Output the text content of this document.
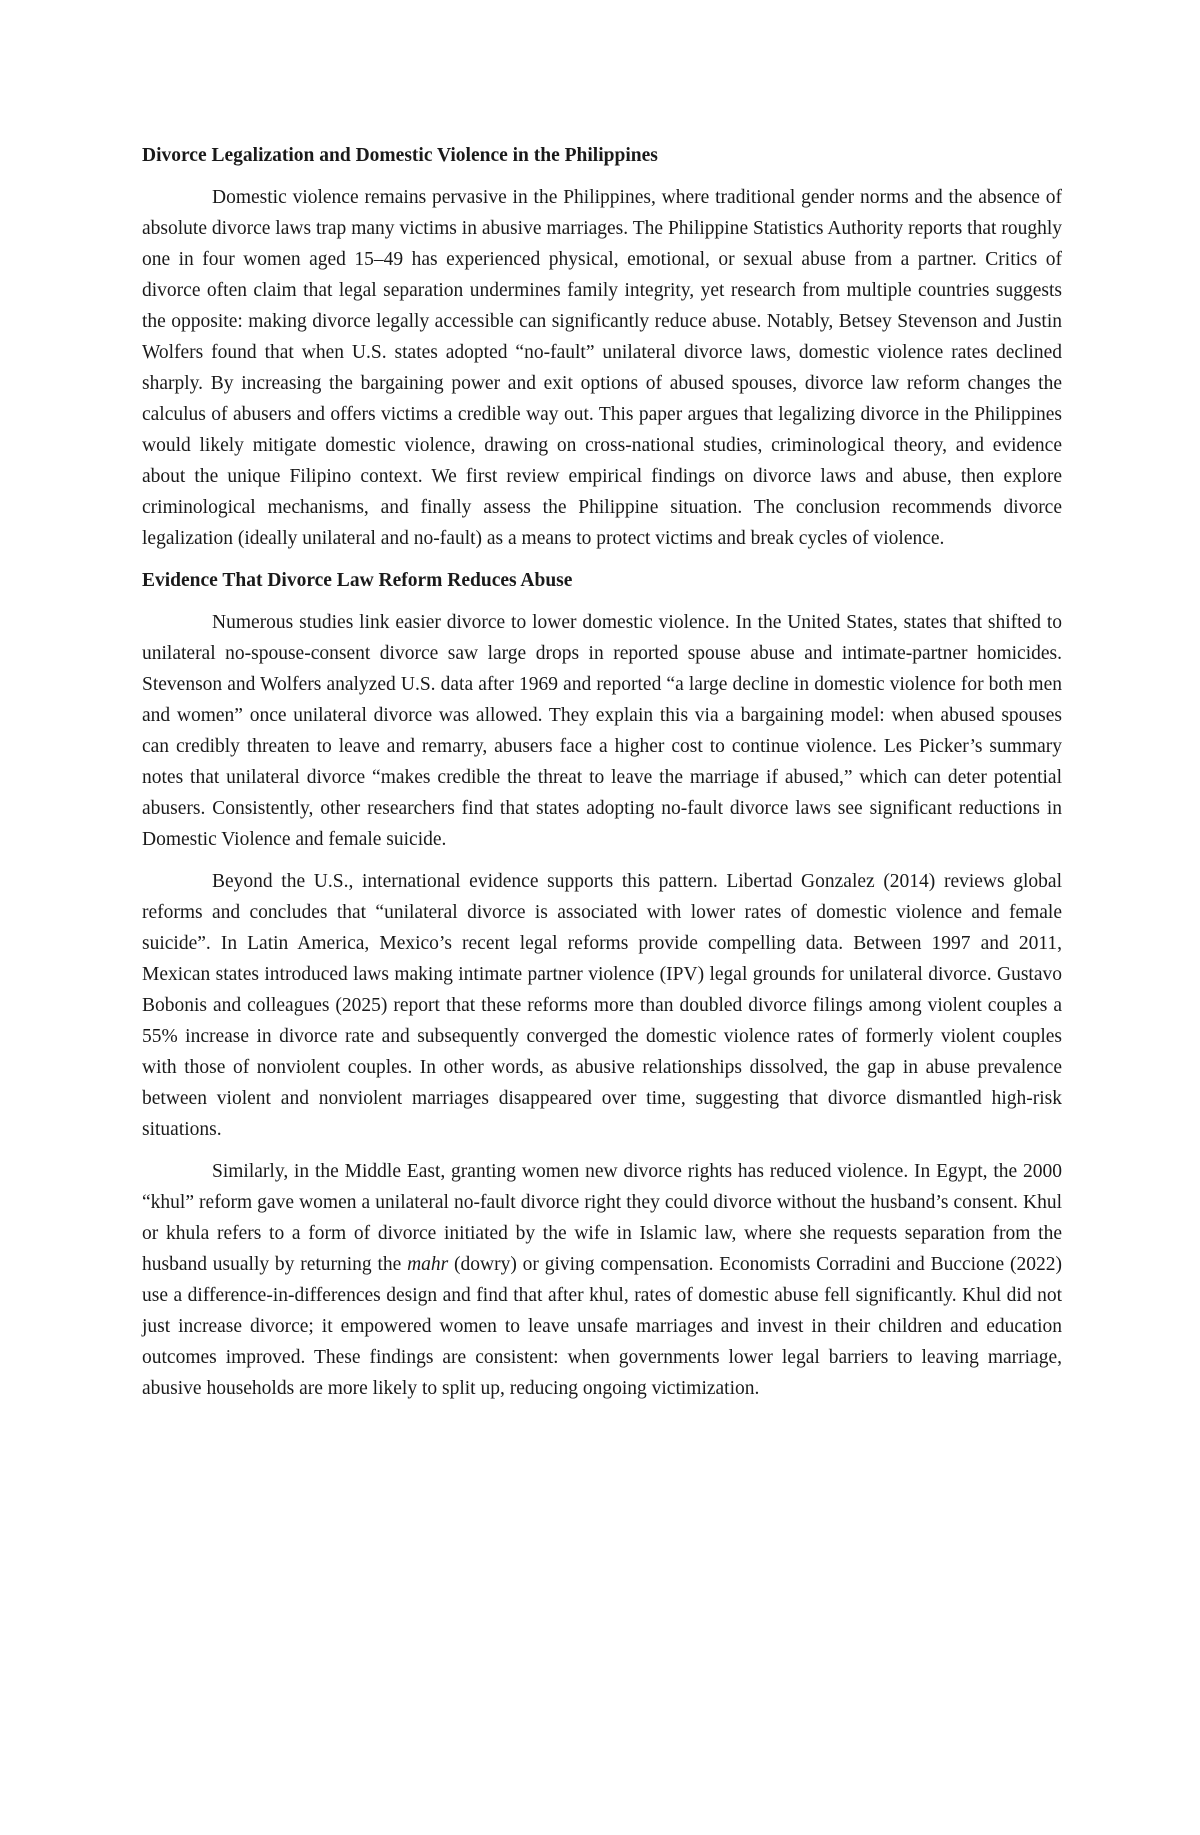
Divorce Legalization and Domestic Violence in the Philippines

Domestic violence remains pervasive in the Philippines, where traditional gender norms and the absence of absolute divorce laws trap many victims in abusive marriages. The Philippine Statistics Authority reports that roughly one in four women aged 15–49 has experienced physical, emotional, or sexual abuse from a partner. Critics of divorce often claim that legal separation undermines family integrity, yet research from multiple countries suggests the opposite: making divorce legally accessible can significantly reduce abuse. Notably, Betsey Stevenson and Justin Wolfers found that when U.S. states adopted “no-fault” unilateral divorce laws, domestic violence rates declined sharply. By increasing the bargaining power and exit options of abused spouses, divorce law reform changes the calculus of abusers and offers victims a credible way out. This paper argues that legalizing divorce in the Philippines would likely mitigate domestic violence, drawing on cross-national studies, criminological theory, and evidence about the unique Filipino context. We first review empirical findings on divorce laws and abuse, then explore criminological mechanisms, and finally assess the Philippine situation. The conclusion recommends divorce legalization (ideally unilateral and no-fault) as a means to protect victims and break cycles of violence.

Evidence That Divorce Law Reform Reduces Abuse

Numerous studies link easier divorce to lower domestic violence. In the United States, states that shifted to unilateral no-spouse-consent divorce saw large drops in reported spouse abuse and intimate-partner homicides. Stevenson and Wolfers analyzed U.S. data after 1969 and reported “a large decline in domestic violence for both men and women” once unilateral divorce was allowed. They explain this via a bargaining model: when abused spouses can credibly threaten to leave and remarry, abusers face a higher cost to continue violence. Les Picker’s summary notes that unilateral divorce “makes credible the threat to leave the marriage if abused,” which can deter potential abusers. Consistently, other researchers find that states adopting no-fault divorce laws see significant reductions in Domestic Violence and female suicide.

Beyond the U.S., international evidence supports this pattern. Libertad Gonzalez (2014) reviews global reforms and concludes that “unilateral divorce is associated with lower rates of domestic violence and female suicide”. In Latin America, Mexico’s recent legal reforms provide compelling data. Between 1997 and 2011, Mexican states introduced laws making intimate partner violence (IPV) legal grounds for unilateral divorce. Gustavo Bobonis and colleagues (2025) report that these reforms more than doubled divorce filings among violent couples a 55% increase in divorce rate and subsequently converged the domestic violence rates of formerly violent couples with those of nonviolent couples. In other words, as abusive relationships dissolved, the gap in abuse prevalence between violent and nonviolent marriages disappeared over time, suggesting that divorce dismantled high-risk situations.

Similarly, in the Middle East, granting women new divorce rights has reduced violence. In Egypt, the 2000 “khul” reform gave women a unilateral no-fault divorce right they could divorce without the husband’s consent. Khul or khula refers to a form of divorce initiated by the wife in Islamic law, where she requests separation from the husband usually by returning the mahr (dowry) or giving compensation. Economists Corradini and Buccione (2022) use a difference-in-differences design and find that after khul, rates of domestic abuse fell significantly. Khul did not just increase divorce; it empowered women to leave unsafe marriages and invest in their children and education outcomes improved. These findings are consistent: when governments lower legal barriers to leaving marriage, abusive households are more likely to split up, reducing ongoing victimization.
